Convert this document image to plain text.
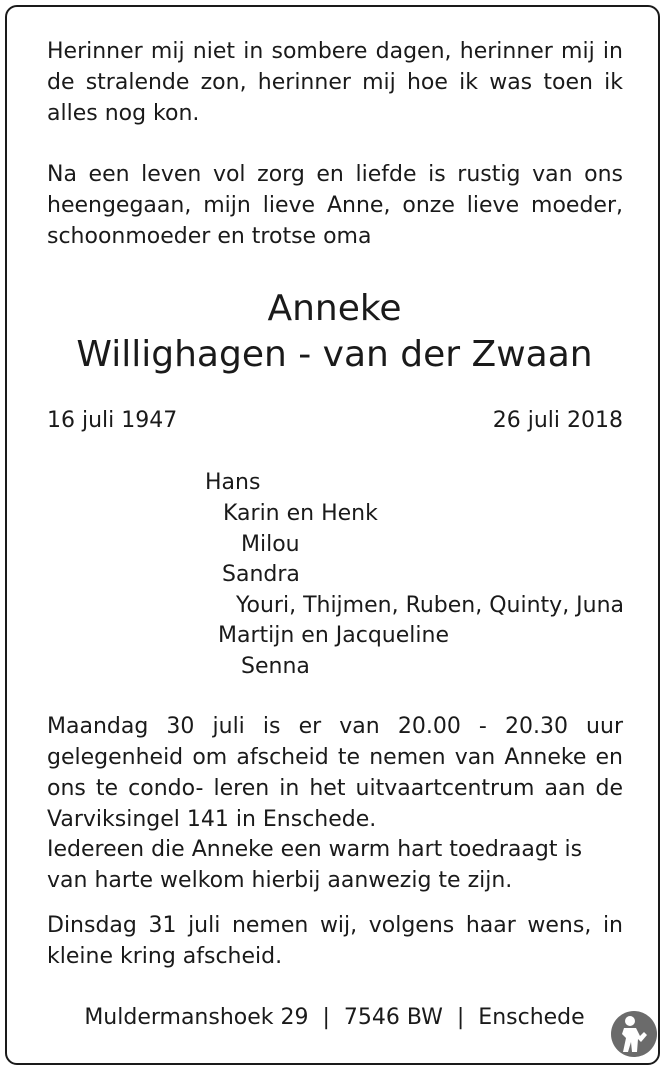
Herinner mij niet in sombere dagen, herinner mij in de stralende zon, herinner mij hoe ik was toen ik alles nog kon.

Na een leven vol zorg en liefde is rustig van ons heengegaan, mijn lieve Anne, onze lieve moeder, schoonmoeder en trotse oma

Anneke
Willighagen - van der Zwaan
16 juli 1947	26 juli 2018
Hans
Karin en Henk
Milou
Sandra
Youri, Thijmen, Ruben, Quinty, Juna
Martijn en Jacqueline
Senna

Maandag 30 juli is er van 20.00 - 20.30 uur gelegenheid om afscheid te nemen van Anneke en ons te condo- leren in het uitvaartcentrum aan de Varviksingel 141 in Enschede.

Iedereen die Anneke een warm hart toedraagt is van harte welkom hierbij aanwezig te zijn.

Dinsdag 31 juli nemen wij, volgens haar wens, in kleine kring afscheid.

Muldermanshoek 29  |  7546 BW  |  Enschede
